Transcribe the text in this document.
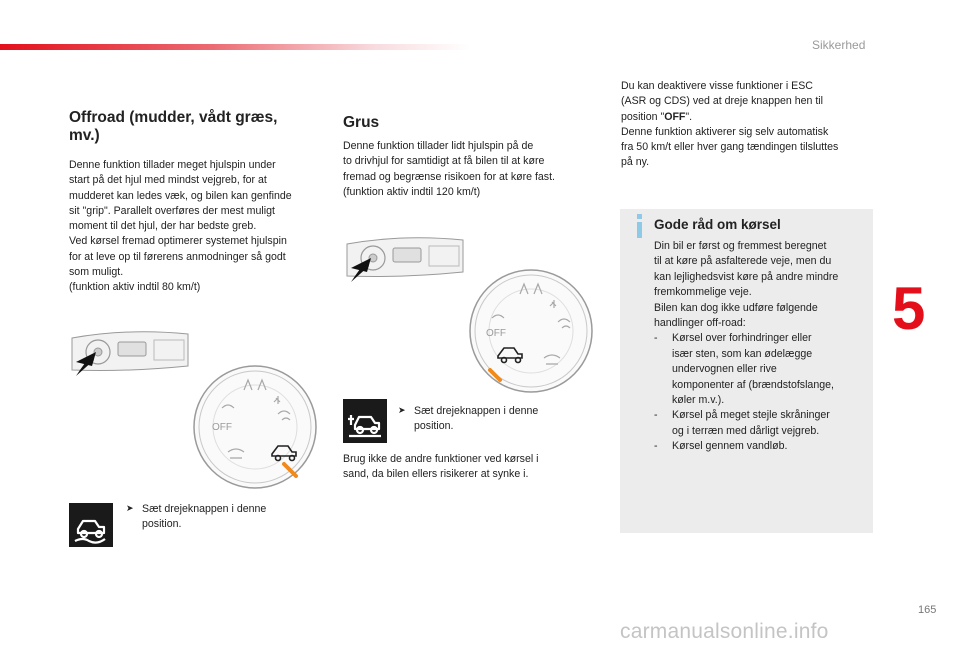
Sikkerhed
Offroad (mudder, vådt græs,
mv.)

Denne funktion tillader meget hjulspin under
start på det hjul med mindst vejgreb, for at
mudderet kan ledes væk, og bilen kan genfinde
sit "grip". Parallelt overføres der mest muligt
moment til det hjul, der har bedste greb.
Ved kørsel fremad optimerer systemet hjulspin
for at leve op til førerens anmodninger så godt
som muligt.
(funktion aktiv indtil 80 km/t)

OFF
➤ Sæt drejeknappen i denne
position.
Grus

Denne funktion tillader lidt hjulspin på de
to drivhjul for samtidigt at få bilen til at køre
fremad og begrænse risikoen for at køre fast.
(funktion aktiv indtil 120 km/t)

OFF
➤ Sæt drejeknappen i denne
position.

Brug ikke de andre funktioner ved kørsel i
sand, da bilen ellers risikerer at synke i.

Du kan deaktivere visse funktioner i ESC
(ASR og CDS) ved at dreje knappen hen til
position "OFF".
Denne funktion aktiverer sig selv automatisk
fra 50 km/t eller hver gang tændingen tilsluttes
på ny.
Gode råd om kørsel
Din bil er først og fremmest beregnet
til at køre på asfalterede veje, men du
kan lejlighedsvist køre på andre mindre
fremkommelige veje.
Bilen kan dog ikke udføre følgende
handlinger off-road:
- Kørsel over forhindringer eller
især sten, som kan ødelægge
undervognen eller rive
komponenter af (brændstofslange,
køler m.v.).
- Kørsel på meget stejle skråninger
og i terræn med dårligt vejgreb.
- Kørsel gennem vandløb.
5
165
carmanualsonline.info
